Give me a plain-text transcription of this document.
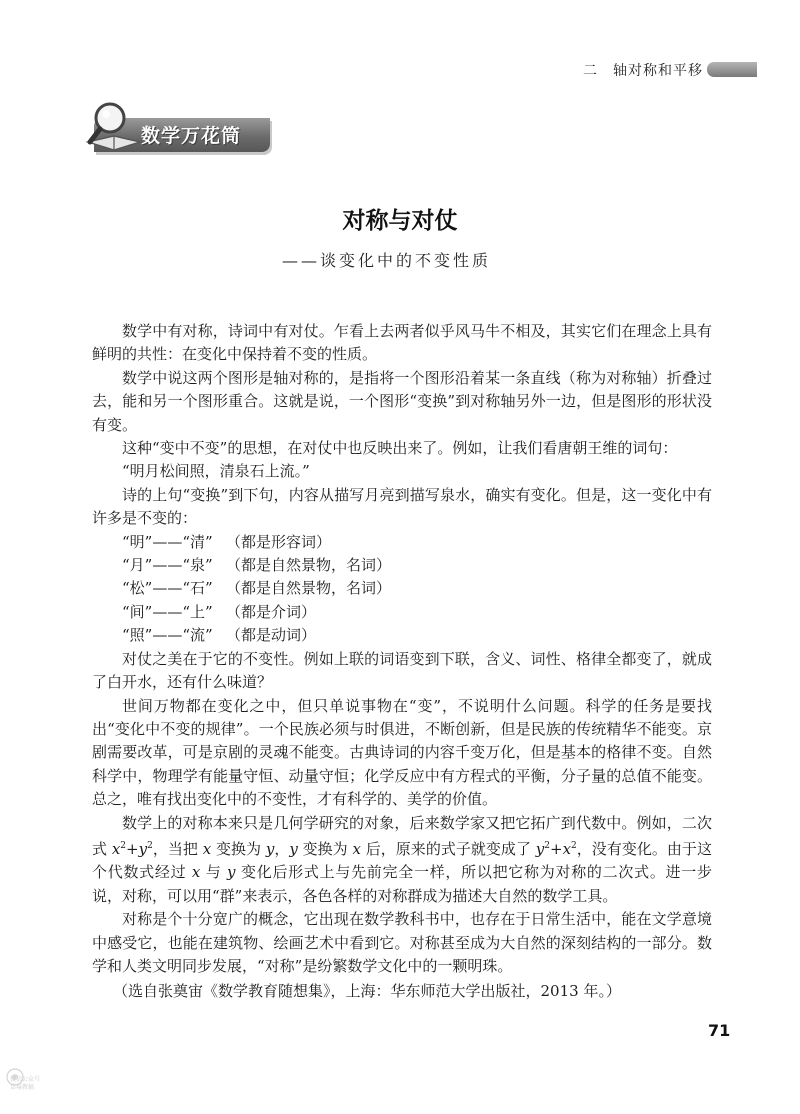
二　轴对称和平移
数学万花筒
对称与对仗
——谈变化中的不变性质

数学中有对称，诗词中有对仗。乍看上去两者似乎风马牛不相及，其实它们在理念上具有鲜明的共性：在变化中保持着不变的性质。

数学中说这两个图形是轴对称的，是指将一个图形沿着某一条直线（称为对称轴）折叠过去，能和另一个图形重合。这就是说，一个图形“变换”到对称轴另外一边，但是图形的形状没有变。

这种“变中不变”的思想，在对仗中也反映出来了。例如，让我们看唐朝王维的词句：

“明月松间照，清泉石上流。”

诗的上句“变换”到下句，内容从描写月亮到描写泉水，确实有变化。但是，这一变化中有许多是不变的：

“明”——“清” （都是形容词）

“月”——“泉” （都是自然景物，名词）

“松”——“石” （都是自然景物，名词）

“间”——“上” （都是介词）

“照”——“流” （都是动词）

对仗之美在于它的不变性。例如上联的词语变到下联，含义、词性、格律全都变了，就成了白开水，还有什么味道？

世间万物都在变化之中，但只单说事物在“变”，不说明什么问题。科学的任务是要找出“变化中不变的规律”。一个民族必须与时俱进，不断创新，但是民族的传统精华不能变。京剧需要改革，可是京剧的灵魂不能变。古典诗词的内容千变万化，但是基本的格律不变。自然科学中，物理学有能量守恒、动量守恒；化学反应中有方程式的平衡，分子量的总值不能变。总之，唯有找出变化中的不变性，才有科学的、美学的价值。

数学上的对称本来只是几何学研究的对象，后来数学家又把它拓广到代数中。例如，二次式 $x^2+y^2$，当把 x 变换为 y，y 变换为 x 后，原来的式子就变成了 $y^2+x^2$，没有变化。由于这个代数式经过 x 与 y 变化后形式上与先前完全一样，所以把它称为对称的二次式。进一步说，对称，可以用“群”来表示，各色各样的对称群成为描述大自然的数学工具。

对称是个十分宽广的概念，它出现在数学教科书中，也存在于日常生活中，能在文学意境中感受它，也能在建筑物、绘画艺术中看到它。对称甚至成为大自然的深刻结构的一部分。数学和人类文明同步发展，“对称”是纷繁数学文化中的一颗明珠。

（选自张奠宙《数学教育随想集》，上海：华东师范大学出版社，2013 年。）

71
微信公众号
草莓教辅
